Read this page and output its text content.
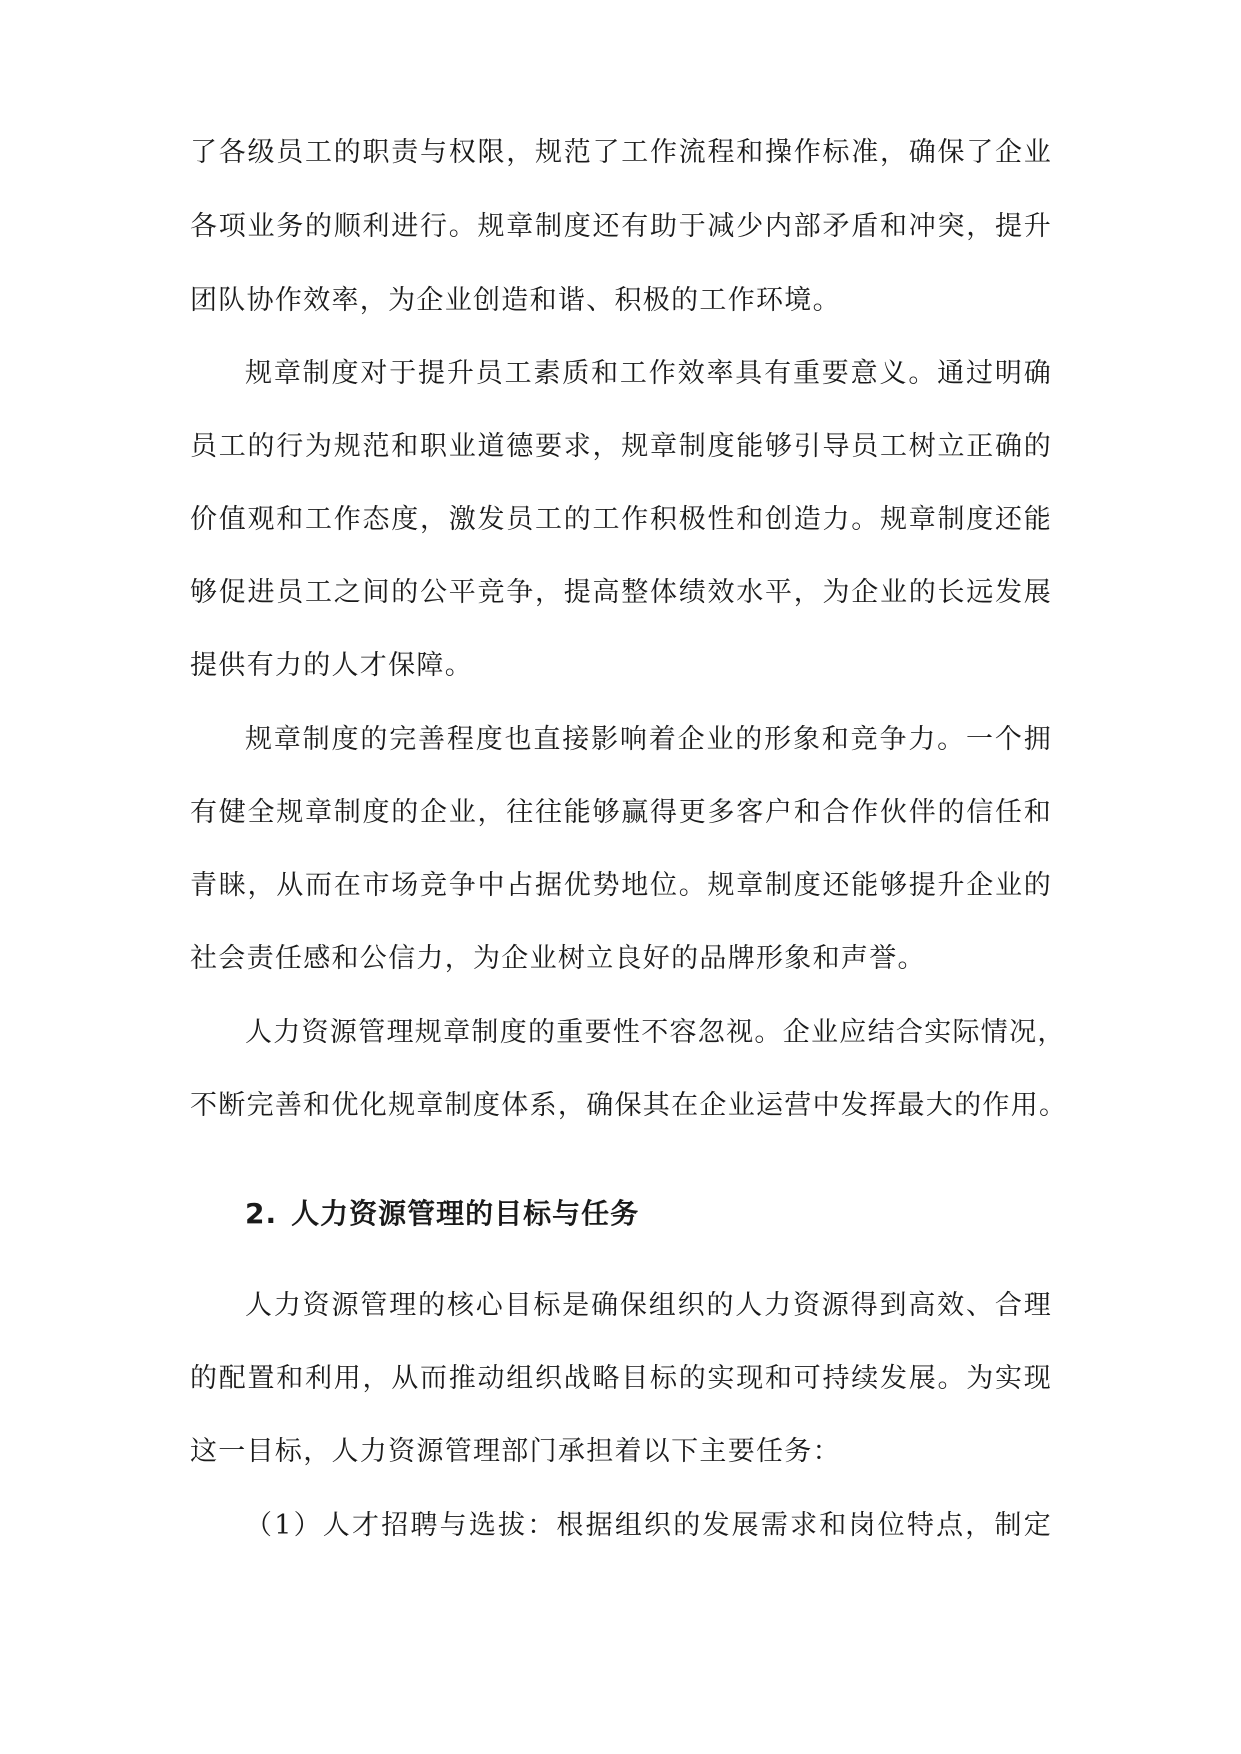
了各级员工的职责与权限，规范了工作流程和操作标准，确保了企业
各项业务的顺利进行。规章制度还有助于减少内部矛盾和冲突，提升
团队协作效率，为企业创造和谐、积极的工作环境。
规章制度对于提升员工素质和工作效率具有重要意义。通过明确
员工的行为规范和职业道德要求，规章制度能够引导员工树立正确的
价值观和工作态度，激发员工的工作积极性和创造力。规章制度还能
够促进员工之间的公平竞争，提高整体绩效水平，为企业的长远发展
提供有力的人才保障。
规章制度的完善程度也直接影响着企业的形象和竞争力。一个拥
有健全规章制度的企业，往往能够赢得更多客户和合作伙伴的信任和
青睐，从而在市场竞争中占据优势地位。规章制度还能够提升企业的
社会责任感和公信力，为企业树立良好的品牌形象和声誉。
人力资源管理规章制度的重要性不容忽视。企业应结合实际情况，
不断完善和优化规章制度体系，确保其在企业运营中发挥最大的作用。
2. 人力资源管理的目标与任务
人力资源管理的核心目标是确保组织的人力资源得到高效、合理
的配置和利用，从而推动组织战略目标的实现和可持续发展。为实现
这一目标，人力资源管理部门承担着以下主要任务：
（1）人才招聘与选拔：根据组织的发展需求和岗位特点，制定
